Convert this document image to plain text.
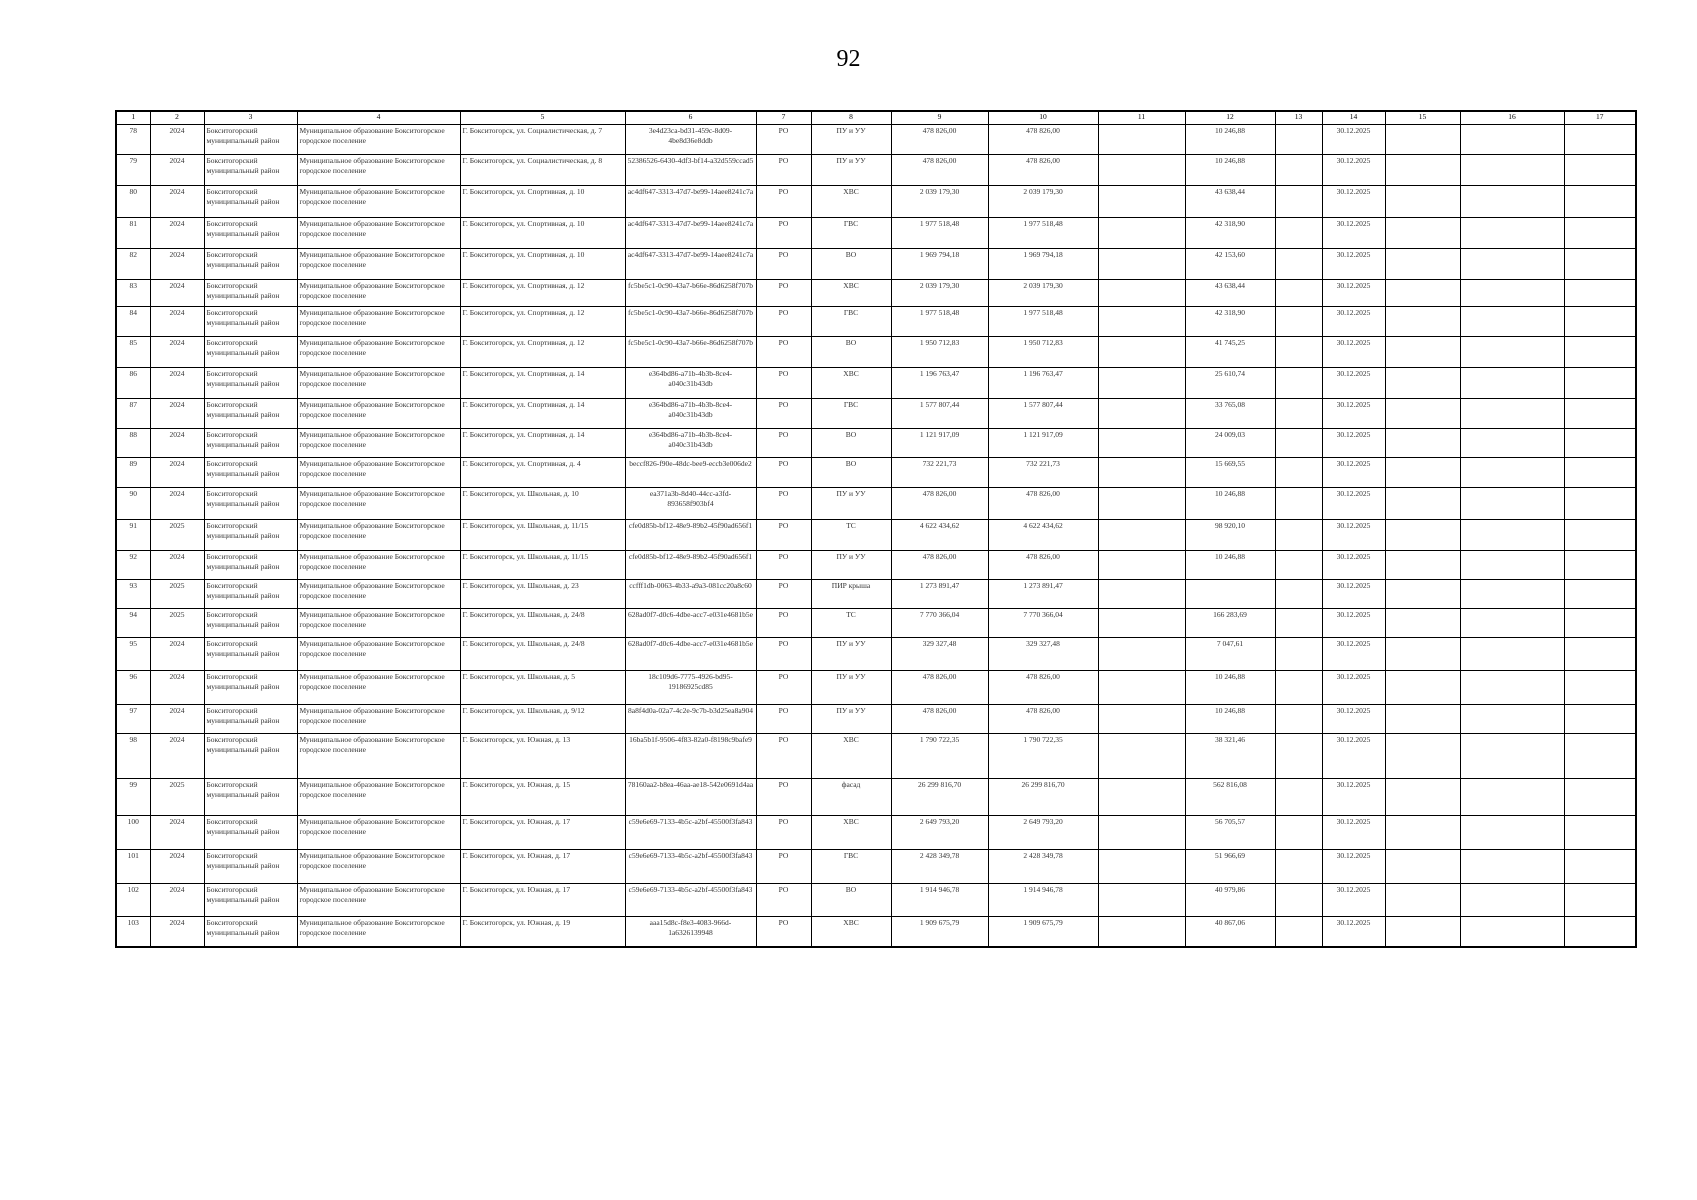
92
1	2	3	4	5	6	7	8	9	10	11	12	13	14	15	16	17
78	2024	Бокситогорский муниципальный район	Муниципальное образование Бокситогорское городское поселение	Г. Бокситогорск, ул. Социалистическая, д. 7	3e4d23ca-bd31-459c-8d09-4be8d36e8ddb	РО	ПУ и УУ	478 826,00	478 826,00		10 246,88		30.12.2025			
79	2024	Бокситогорский муниципальный район	Муниципальное образование Бокситогорское городское поселение	Г. Бокситогорск, ул. Социалистическая, д. 8	52386526-6430-4df3-bf14-a32d559ccad5	РО	ПУ и УУ	478 826,00	478 826,00		10 246,88		30.12.2025			
80	2024	Бокситогорский муниципальный район	Муниципальное образование Бокситогорское городское поселение	Г. Бокситогорск, ул. Спортивная, д. 10	ac4df647-3313-47d7-be99-14aee8241c7a	РО	ХВС	2 039 179,30	2 039 179,30		43 638,44		30.12.2025			
81	2024	Бокситогорский муниципальный район	Муниципальное образование Бокситогорское городское поселение	Г. Бокситогорск, ул. Спортивная, д. 10	ac4df647-3313-47d7-be99-14aee8241c7a	РО	ГВС	1 977 518,48	1 977 518,48		42 318,90		30.12.2025			
82	2024	Бокситогорский муниципальный район	Муниципальное образование Бокситогорское городское поселение	Г. Бокситогорск, ул. Спортивная, д. 10	ac4df647-3313-47d7-be99-14aee8241c7a	РО	ВО	1 969 794,18	1 969 794,18		42 153,60		30.12.2025			
83	2024	Бокситогорский муниципальный район	Муниципальное образование Бокситогорское городское поселение	Г. Бокситогорск, ул. Спортивная, д. 12	fc5be5c1-0c90-43a7-b66e-86d6258f707b	РО	ХВС	2 039 179,30	2 039 179,30		43 638,44		30.12.2025			
84	2024	Бокситогорский муниципальный район	Муниципальное образование Бокситогорское городское поселение	Г. Бокситогорск, ул. Спортивная, д. 12	fc5be5c1-0c90-43a7-b66e-86d6258f707b	РО	ГВС	1 977 518,48	1 977 518,48		42 318,90		30.12.2025			
85	2024	Бокситогорский муниципальный район	Муниципальное образование Бокситогорское городское поселение	Г. Бокситогорск, ул. Спортивная, д. 12	fc5be5c1-0c90-43a7-b66e-86d6258f707b	РО	ВО	1 950 712,83	1 950 712,83		41 745,25		30.12.2025			
86	2024	Бокситогорский муниципальный район	Муниципальное образование Бокситогорское городское поселение	Г. Бокситогорск, ул. Спортивная, д. 14	e364bd86-a71b-4b3b-8ce4-a040c31b43db	РО	ХВС	1 196 763,47	1 196 763,47		25 610,74		30.12.2025			
87	2024	Бокситогорский муниципальный район	Муниципальное образование Бокситогорское городское поселение	Г. Бокситогорск, ул. Спортивная, д. 14	e364bd86-a71b-4b3b-8ce4-a040c31b43db	РО	ГВС	1 577 807,44	1 577 807,44		33 765,08		30.12.2025			
88	2024	Бокситогорский муниципальный район	Муниципальное образование Бокситогорское городское поселение	Г. Бокситогорск, ул. Спортивная, д. 14	e364bd86-a71b-4b3b-8ce4-a040c31b43db	РО	ВО	1 121 917,09	1 121 917,09		24 009,03		30.12.2025			
89	2024	Бокситогорский муниципальный район	Муниципальное образование Бокситогорское городское поселение	Г. Бокситогорск, ул. Спортивная, д. 4	beccf826-f90e-48dc-bee9-eccb3e006de2	РО	ВО	732 221,73	732 221,73		15 669,55		30.12.2025			
90	2024	Бокситогорский муниципальный район	Муниципальное образование Бокситогорское городское поселение	Г. Бокситогорск, ул. Школьная, д. 10	ea371a3b-8d40-44cc-a3fd-893658f903bf4	РО	ПУ и УУ	478 826,00	478 826,00		10 246,88		30.12.2025			
91	2025	Бокситогорский муниципальный район	Муниципальное образование Бокситогорское городское поселение	Г. Бокситогорск, ул. Школьная, д. 11/15	cfe0d85b-bf12-48e9-89b2-45f90ad656f1	РО	ТС	4 622 434,62	4 622 434,62		98 920,10		30.12.2025			
92	2024	Бокситогорский муниципальный район	Муниципальное образование Бокситогорское городское поселение	Г. Бокситогорск, ул. Школьная, д. 11/15	cfe0d85b-bf12-48e9-89b2-45f90ad656f1	РО	ПУ и УУ	478 826,00	478 826,00		10 246,88		30.12.2025			
93	2025	Бокситогорский муниципальный район	Муниципальное образование Бокситогорское городское поселение	Г. Бокситогорск, ул. Школьная, д. 23	ccfff1db-0063-4b33-a9a3-081cc20a8c60	РО	ПИР крыша	1 273 891,47	1 273 891,47				30.12.2025			
94	2025	Бокситогорский муниципальный район	Муниципальное образование Бокситогорское городское поселение	Г. Бокситогорск, ул. Школьная, д. 24/8	628ad0f7-d0c6-4dbe-acc7-e031e4681b5e	РО	ТС	7 770 366,04	7 770 366,04		166 283,69		30.12.2025			
95	2024	Бокситогорский муниципальный район	Муниципальное образование Бокситогорское городское поселение	Г. Бокситогорск, ул. Школьная, д. 24/8	628ad0f7-d0c6-4dbe-acc7-e031e4681b5e	РО	ПУ и УУ	329 327,48	329 327,48		7 047,61		30.12.2025			
96	2024	Бокситогорский муниципальный район	Муниципальное образование Бокситогорское городское поселение	Г. Бокситогорск, ул. Школьная, д. 5	18c109d6-7775-4926-bd95-19186925cd85	РО	ПУ и УУ	478 826,00	478 826,00		10 246,88		30.12.2025			
97	2024	Бокситогорский муниципальный район	Муниципальное образование Бокситогорское городское поселение	Г. Бокситогорск, ул. Школьная, д. 9/12	8a8f4d0a-02a7-4c2e-9c7b-b3d25ea8a904	РО	ПУ и УУ	478 826,00	478 826,00		10 246,88		30.12.2025			
98	2024	Бокситогорский муниципальный район	Муниципальное образование Бокситогорское городское поселение	Г. Бокситогорск, ул. Южная, д. 13	16ba5b1f-9506-4f83-82a0-f8198c9bafe9	РО	ХВС	1 790 722,35	1 790 722,35		38 321,46		30.12.2025			
99	2025	Бокситогорский муниципальный район	Муниципальное образование Бокситогорское городское поселение	Г. Бокситогорск, ул. Южная, д. 15	78160aa2-b8ea-46aa-ae18-542e0691d4aa	РО	фасад	26 299 816,70	26 299 816,70		562 816,08		30.12.2025			
100	2024	Бокситогорский муниципальный район	Муниципальное образование Бокситогорское городское поселение	Г. Бокситогорск, ул. Южная, д. 17	c59e6e69-7133-4b5c-a2bf-45500f3fa843	РО	ХВС	2 649 793,20	2 649 793,20		56 705,57		30.12.2025			
101	2024	Бокситогорский муниципальный район	Муниципальное образование Бокситогорское городское поселение	Г. Бокситогорск, ул. Южная, д. 17	c59e6e69-7133-4b5c-a2bf-45500f3fa843	РО	ГВС	2 428 349,78	2 428 349,78		51 966,69		30.12.2025			
102	2024	Бокситогорский муниципальный район	Муниципальное образование Бокситогорское городское поселение	Г. Бокситогорск, ул. Южная, д. 17	c59e6e69-7133-4b5c-a2bf-45500f3fa843	РО	ВО	1 914 946,78	1 914 946,78		40 979,86		30.12.2025			
103	2024	Бокситогорский муниципальный район	Муниципальное образование Бокситогорское городское поселение	Г. Бокситогорск, ул. Южная, д. 19	aaa15d8c-f8e3-4083-966d-1a6326139948	РО	ХВС	1 909 675,79	1 909 675,79		40 867,06		30.12.2025			
